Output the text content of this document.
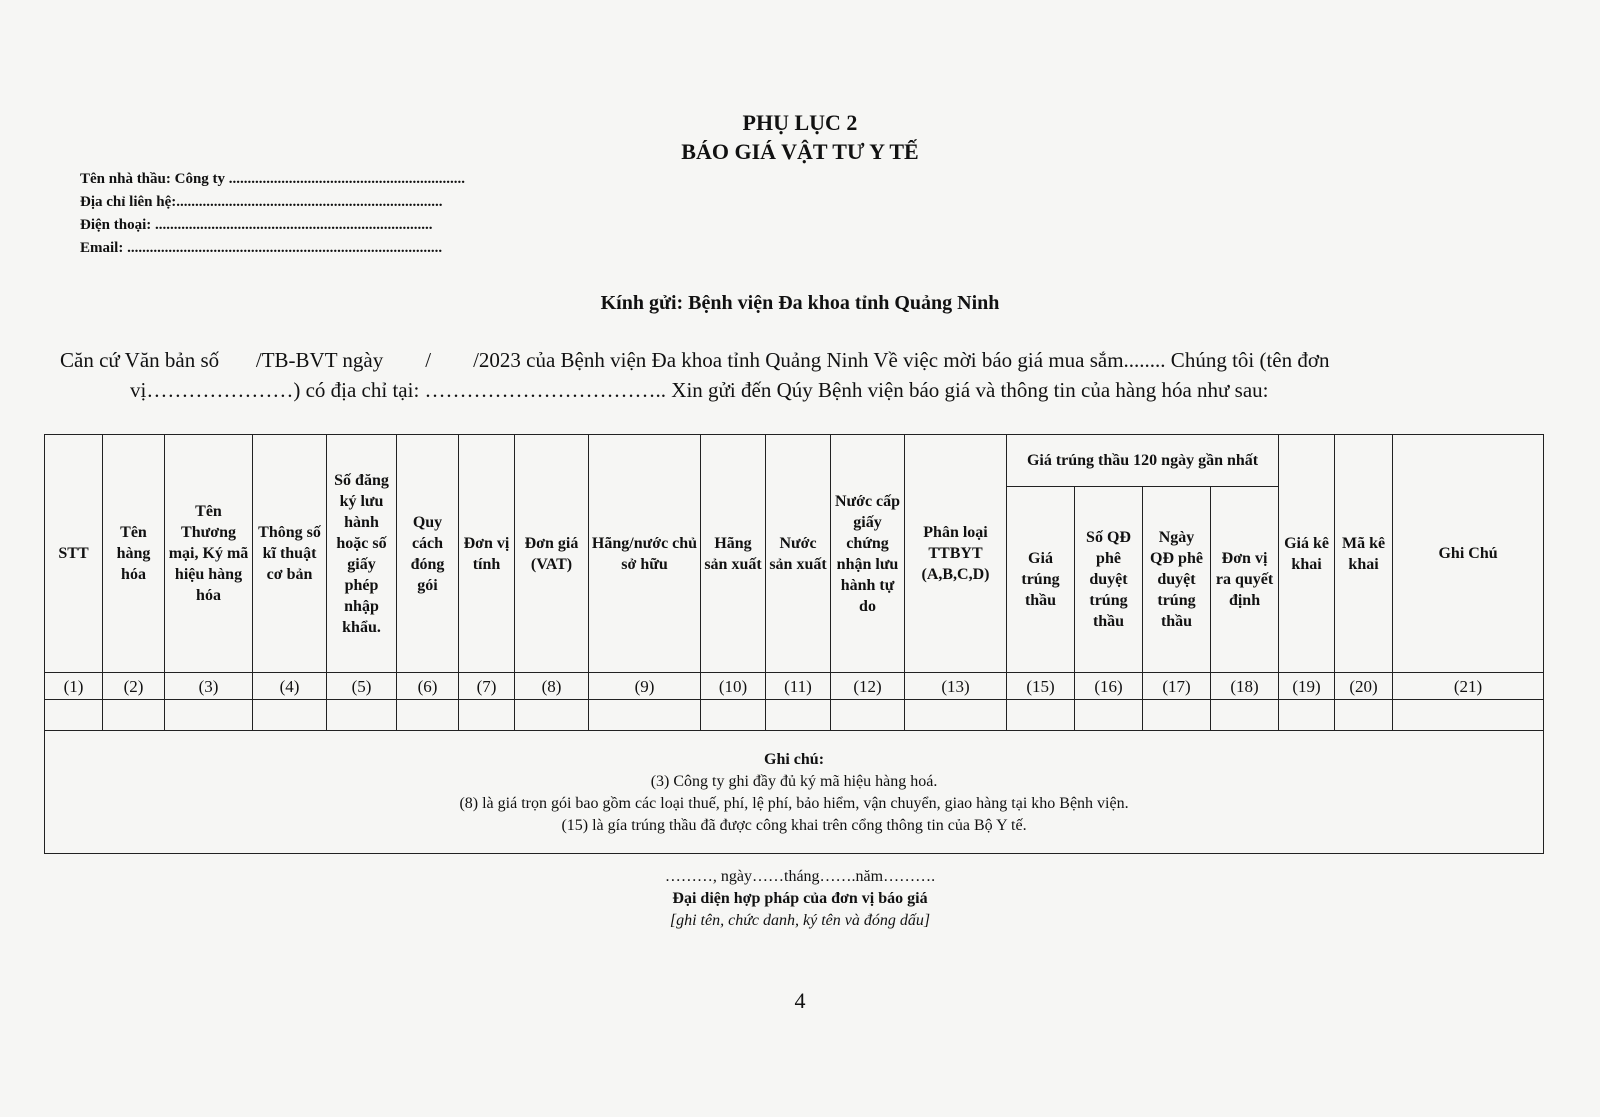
PHỤ LỤC 2
BÁO GIÁ VẬT TƯ Y TẾ
Tên nhà thầu: Công ty ...............................................................
Địa chỉ liên hệ:.......................................................................
Điện thoại: ..........................................................................
Email: ....................................................................................
Kính gửi: Bệnh viện Đa khoa tỉnh Quảng Ninh

Căn cứ Văn bản số       /TB-BVT ngày        /        /2023 của Bệnh viện Đa khoa tỉnh Quảng Ninh Về việc mời báo giá mua sắm........ Chúng tôi (tên đơn

vị…………………) có địa chỉ tại: …………………………….. Xin gửi đến Qúy Bệnh viện báo giá và thông tin của hàng hóa như sau:

STT	Tên hàng hóa	Tên Thương mại, Ký mã hiệu hàng hóa	Thông số kĩ thuật cơ bản	Số đăng ký lưu hành hoặc số giấy phép nhập khẩu.	Quy cách đóng gói	Đơn vị tính	Đơn giá (VAT)	Hãng/nước chủ sở hữu	Hãng sản xuất	Nước sản xuất	Nước cấp giấy chứng nhận lưu hành tự do	Phân loại TTBYT (A,B,C,D)	Giá trúng thầu 120 ngày gần nhất				Giá kê khai	Mã kê khai	Ghi Chú
													Giá trúng thầu	Số QĐ phê duyệt trúng thầu	Ngày QĐ phê duyệt trúng thầu	Đơn vị ra quyết định			
(1)	(2)	(3)	(4)	(5)	(6)	(7)	(8)	(9)	(10)	(11)	(12)	(13)	(15)	(16)	(17)	(18)	(19)	(20)	(21)

Ghi chú:
(3) Công ty ghi đầy đủ ký mã hiệu hàng hoá.
(8) là giá trọn gói bao gồm các loại thuế, phí, lệ phí, bảo hiểm, vận chuyển, giao hàng tại kho Bệnh viện.
(15) là gía trúng thầu đã được công khai trên cổng thông tin của Bộ Y tế.																			
………, ngày……tháng…….năm……….
Đại diện hợp pháp của đơn vị báo giá
[ghi tên, chức danh, ký tên và đóng dấu]
4
